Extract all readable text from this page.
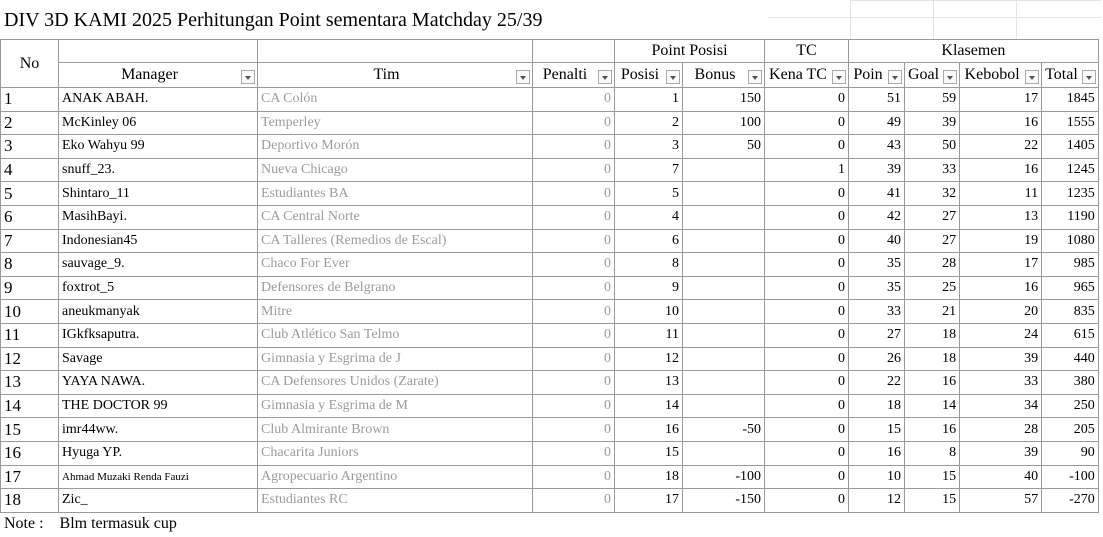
DIV 3D KAMI 2025 Perhitungan Point sementara Matchday 25/39
No				Point Posisi		TC	Klasemen			
	Manager	Tim	Penalti	Posisi	Bonus	Kena TC	Poin	Goal	Kebobol	Total

1	ANAK ABAH.	CA Colón	0	1	150	0	51	59	17	1845
2	McKinley 06	Temperley	0	2	100	0	49	39	16	1555
3	Eko Wahyu 99	Deportivo Morón	0	3	50	0	43	50	22	1405
4	snuff_23.	Nueva Chicago	0	7		1	39	33	16	1245
5	Shintaro_11	Estudiantes BA	0	5		0	41	32	11	1235
6	MasihBayi.	CA Central Norte	0	4		0	42	27	13	1190
7	Indonesian45	CA Talleres (Remedios de Escal)	0	6		0	40	27	19	1080
8	sauvage_9.	Chaco For Ever	0	8		0	35	28	17	985
9	foxtrot_5	Defensores de Belgrano	0	9		0	35	25	16	965
10	aneukmanyak	Mitre	0	10		0	33	21	20	835
11	IGkfksaputra.	Club Atlético San Telmo	0	11		0	27	18	24	615
12	Savage	Gimnasia y Esgrima de J	0	12		0	26	18	39	440
13	YAYA NAWA.	CA Defensores Unidos (Zarate)	0	13		0	22	16	33	380
14	THE DOCTOR 99	Gimnasia y Esgrima de M	0	14		0	18	14	34	250
15	imr44ww.	Club Almirante Brown	0	16	-50	0	15	16	28	205
16	Hyuga YP.	Chacarita Juniors	0	15		0	16	8	39	90
17	Ahmad Muzaki Renda Fauzi	Agropecuario Argentino	0	18	-100	0	10	15	40	-100
18	Zic_	Estudiantes RC	0	17	-150	0	12	15	57	-270
Note : Blm termasuk cup
